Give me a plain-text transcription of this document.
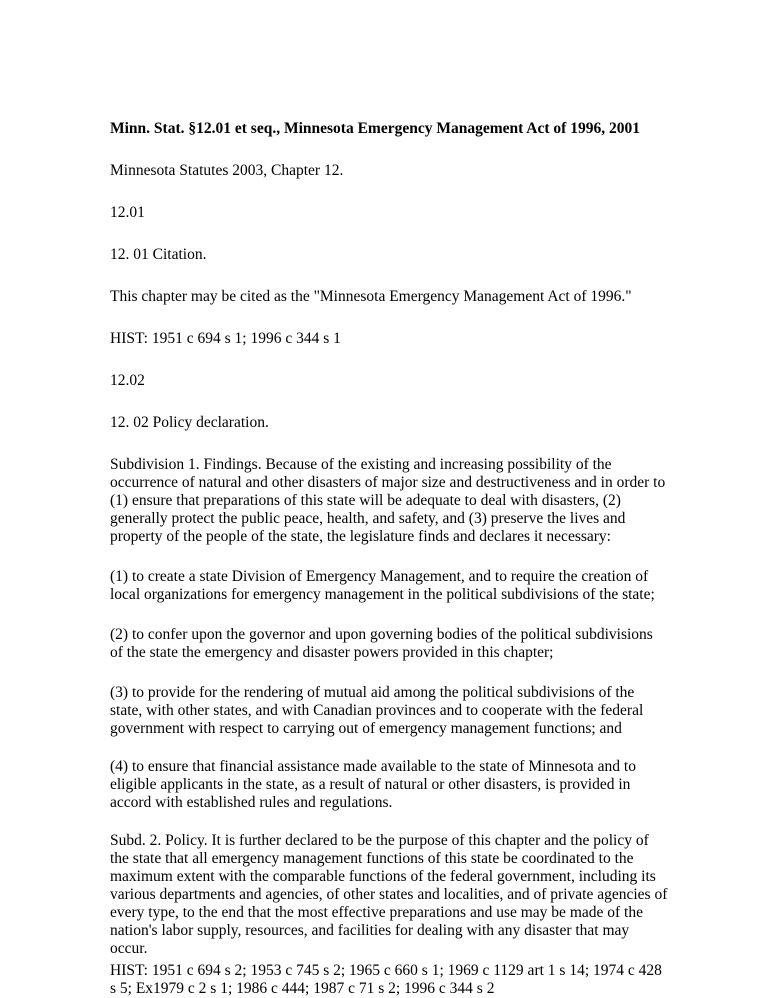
Minn. Stat. §12.01 et seq., Minnesota Emergency Management Act of 1996, 2001
Minnesota Statutes 2003, Chapter 12.
12.01
12. 01 Citation.
This chapter may be cited as the "Minnesota Emergency Management Act of 1996."
HIST: 1951 c 694 s 1; 1996 c 344 s 1
12.02
12. 02 Policy declaration.
Subdivision 1. Findings. Because of the existing and increasing possibility of the
occurrence of natural and other disasters of major size and destructiveness and in order to
(1) ensure that preparations of this state will be adequate to deal with disasters, (2)
generally protect the public peace, health, and safety, and (3) preserve the lives and
property of the people of the state, the legislature finds and declares it necessary:
(1) to create a state Division of Emergency Management, and to require the creation of
local organizations for emergency management in the political subdivisions of the state;
(2) to confer upon the governor and upon governing bodies of the political subdivisions
of the state the emergency and disaster powers provided in this chapter;
(3) to provide for the rendering of mutual aid among the political subdivisions of the
state, with other states, and with Canadian provinces and to cooperate with the federal
government with respect to carrying out of emergency management functions; and
(4) to ensure that financial assistance made available to the state of Minnesota and to
eligible applicants in the state, as a result of natural or other disasters, is provided in
accord with established rules and regulations.
Subd. 2. Policy. It is further declared to be the purpose of this chapter and the policy of
the state that all emergency management functions of this state be coordinated to the
maximum extent with the comparable functions of the federal government, including its
various departments and agencies, of other states and localities, and of private agencies of
every type, to the end that the most effective preparations and use may be made of the
nation's labor supply, resources, and facilities for dealing with any disaster that may
occur.
HIST: 1951 c 694 s 2; 1953 c 745 s 2; 1965 c 660 s 1; 1969 c 1129 art 1 s 14; 1974 c 428
s 5; Ex1979 c 2 s 1; 1986 c 444; 1987 c 71 s 2; 1996 c 344 s 2
